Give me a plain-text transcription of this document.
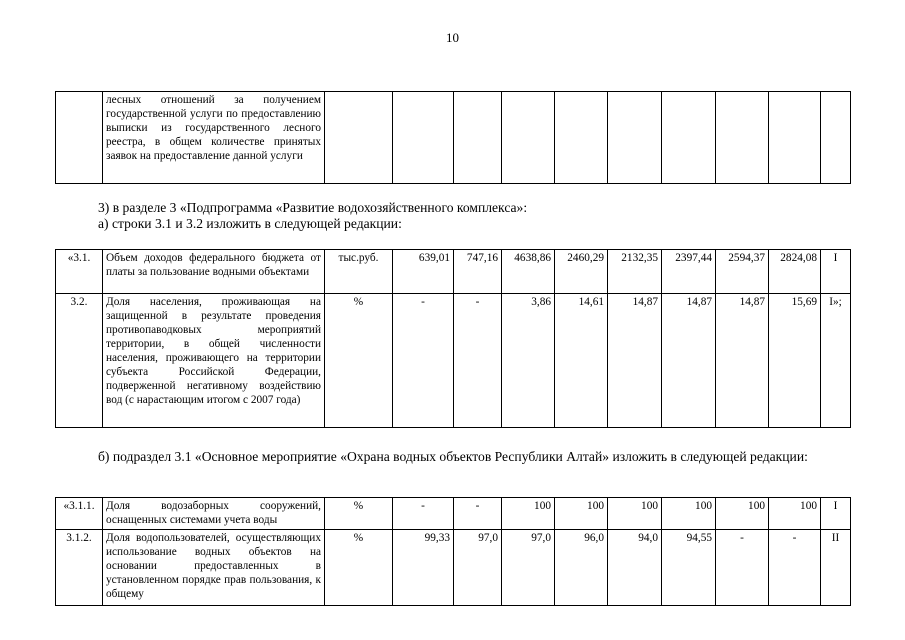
10
	лесных отношений за получением государственной услуги по предоставлению выписки из государственного лесного реестра, в общем количестве принятых заявок на предоставление данной услуги										
3) в разделе 3 «Подпрограмма «Развитие водохозяйственного комплекса»:
а) строки 3.1 и 3.2 изложить в следующей редакции:
«3.1.	Объем доходов федерального бюджета от платы за пользование водными объектами	тыс.руб.	639,01	747,16	4638,86	2460,29	2132,35	2397,44	2594,37	2824,08	I
3.2.	Доля населения, проживающая на защищенной в результате проведения противопаводковых мероприятий территории, в общей численности населения, проживающего на территории субъекта Российской Федерации, подверженной негативному воздействию вод (с нарастающим итогом с 2007 года)	%	-	-	3,86	14,61	14,87	14,87	14,87	15,69	I»;
б) подраздел 3.1 «Основное мероприятие «Охрана водных объектов Республики Алтай» изложить в следующей редакции:
«3.1.1.	Доля водозаборных сооружений, оснащенных системами учета воды	%	-	-	100	100	100	100	100	100	I
3.1.2.	Доля водопользователей, осуществляющих использование водных объектов на основании предоставленных в установленном порядке прав пользования, к общему	%	99,33	97,0	97,0	96,0	94,0	94,55	-	-	II
